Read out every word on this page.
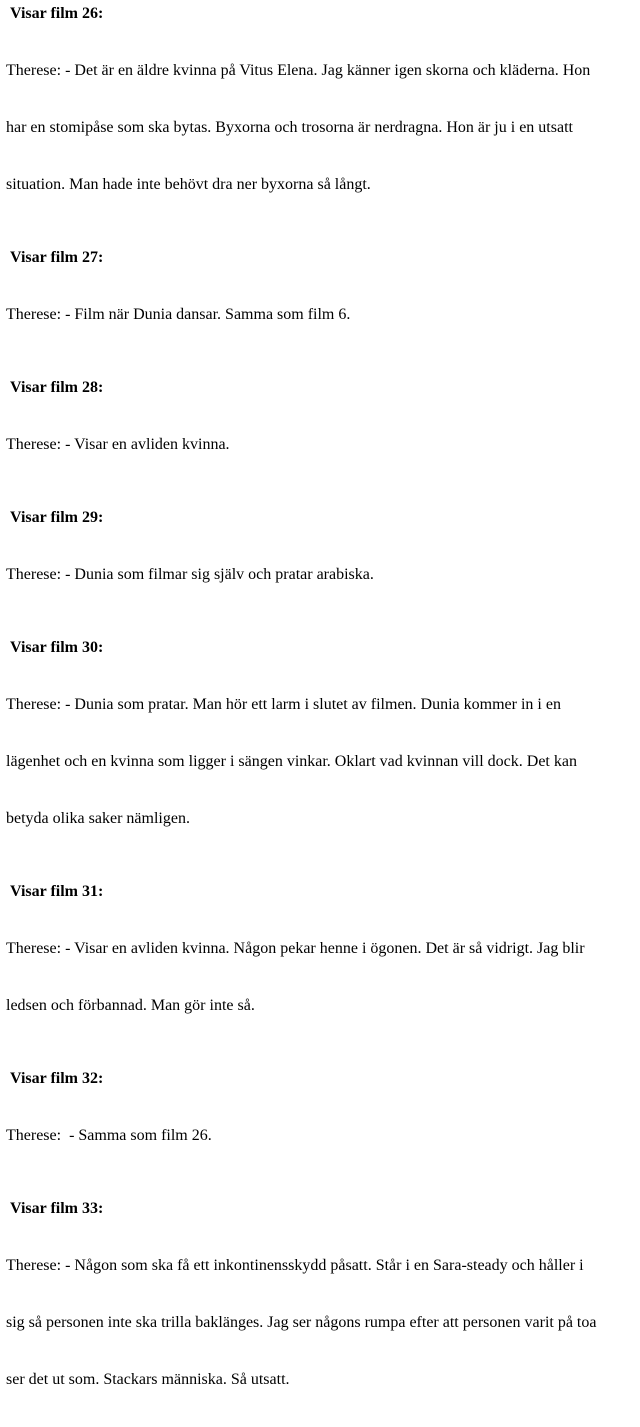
Visar film 26:

Therese: - Det är en äldre kvinna på Vitus Elena. Jag känner igen skorna och kläderna. Hon

har en stomipåse som ska bytas. Byxorna och trosorna är nerdragna. Hon är ju i en utsatt

situation. Man hade inte behövt dra ner byxorna så långt.

Visar film 27:

Therese: - Film när Dunia dansar. Samma som film 6.

Visar film 28:

Therese: - Visar en avliden kvinna.

Visar film 29:

Therese: - Dunia som filmar sig själv och pratar arabiska.

Visar film 30:

Therese: - Dunia som pratar. Man hör ett larm i slutet av filmen. Dunia kommer in i en

lägenhet och en kvinna som ligger i sängen vinkar. Oklart vad kvinnan vill dock. Det kan

betyda olika saker nämligen.

Visar film 31:

Therese: - Visar en avliden kvinna. Någon pekar henne i ögonen. Det är så vidrigt. Jag blir

ledsen och förbannad. Man gör inte så.

Visar film 32:

Therese:  - Samma som film 26.

Visar film 33:

Therese: - Någon som ska få ett inkontinensskydd påsatt. Står i en Sara-steady och håller i

sig så personen inte ska trilla baklänges. Jag ser någons rumpa efter att personen varit på toa

ser det ut som. Stackars människa. Så utsatt.
